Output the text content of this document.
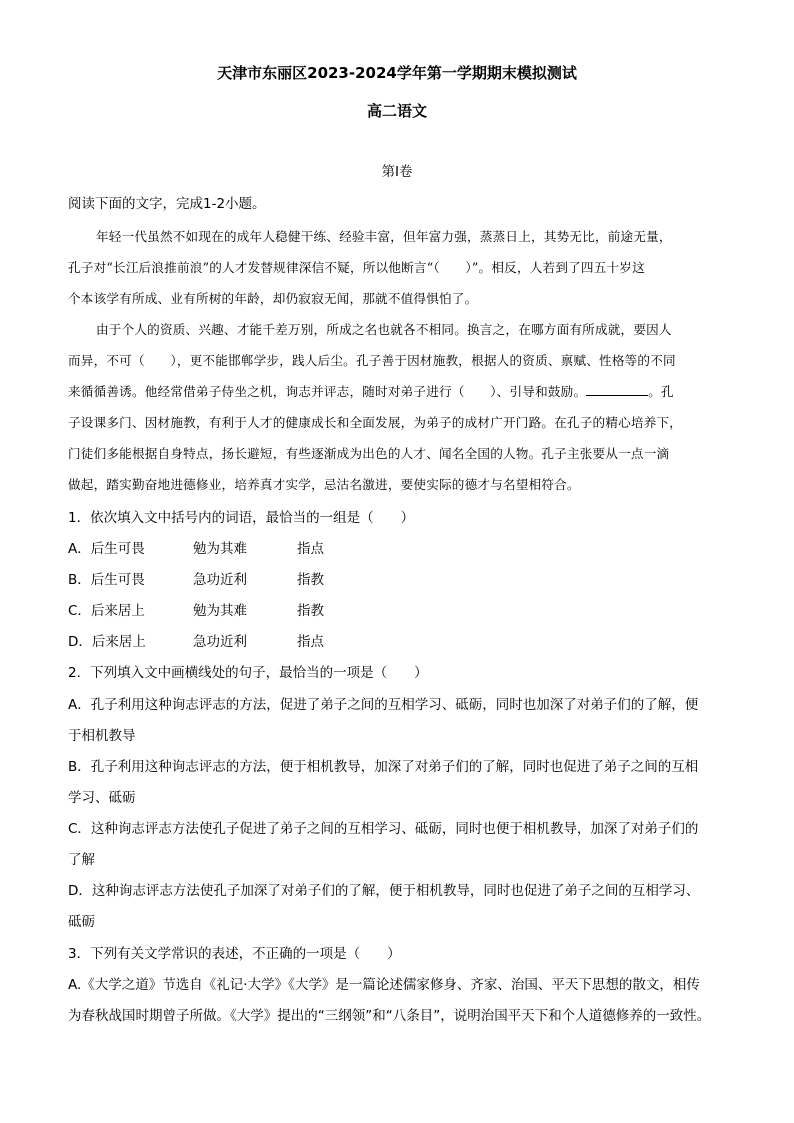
天津市东丽区2023-2024学年第一学期期末模拟测试
高二语文
第I卷
阅读下面的文字，完成1-2小题。
年轻一代虽然不如现在的成年人稳健干练、经验丰富，但年富力强，蒸蒸日上，其势无比，前途无量，
孔子对“长江后浪推前浪”的人才发替规律深信不疑，所以他断言“（　　）”。相反，人若到了四五十岁这
个本该学有所成、业有所树的年龄，却仍寂寂无闻，那就不值得惧怕了。
由于个人的资质、兴趣、才能千差万别，所成之名也就各不相同。换言之，在哪方面有所成就，要因人
而异，不可（　　），更不能邯郸学步，践人后尘。孔子善于因材施教，根据人的资质、禀赋、性格等的不同
来循循善诱。他经常借弟子侍坐之机，询志并评志，随时对弟子进行（　　）、引导和鼓励。	。孔
子设课多门、因材施教，有利于人才的健康成长和全面发展，为弟子的成材广开门路。在孔子的精心培养下，
门徒们多能根据自身特点，扬长避短，有些逐渐成为出色的人才、闻名全国的人物。孔子主张要从一点一滴
做起，踏实勤奋地进德修业，培养真才实学，忌沽名激进，要使实际的德才与名望相符合。
1．依次填入文中括号内的词语，最恰当的一组是（　　）
A．后生可畏	勉为其难	指点
B．后生可畏	急功近利	指教
C．后来居上	勉为其难	指教
D．后来居上	急功近利	指点
2．下列填入文中画横线处的句子，最恰当的一项是（　　）
A．孔子利用这种询志评志的方法，促进了弟子之间的互相学习、砥砺，同时也加深了对弟子们的了解，便
于相机教导
B．孔子利用这种询志评志的方法，便于相机教导，加深了对弟子们的了解，同时也促进了弟子之间的互相
学习、砥砺
C．这种询志评志方法使孔子促进了弟子之间的互相学习、砥砺，同时也便于相机教导，加深了对弟子们的
了解
D．这种询志评志方法使孔子加深了对弟子们的了解，便于相机教导，同时也促进了弟子之间的互相学习、
砥砺
3．下列有关文学常识的表述，不正确的一项是（　　）
A.《大学之道》节选自《礼记·大学》《大学》是一篇论述儒家修身、齐家、治国、平天下思想的散文，相传
为春秋战国时期曾子所做。《大学》提出的“三纲领”和“八条目”，说明治国平天下和个人道德修养的一致性。
